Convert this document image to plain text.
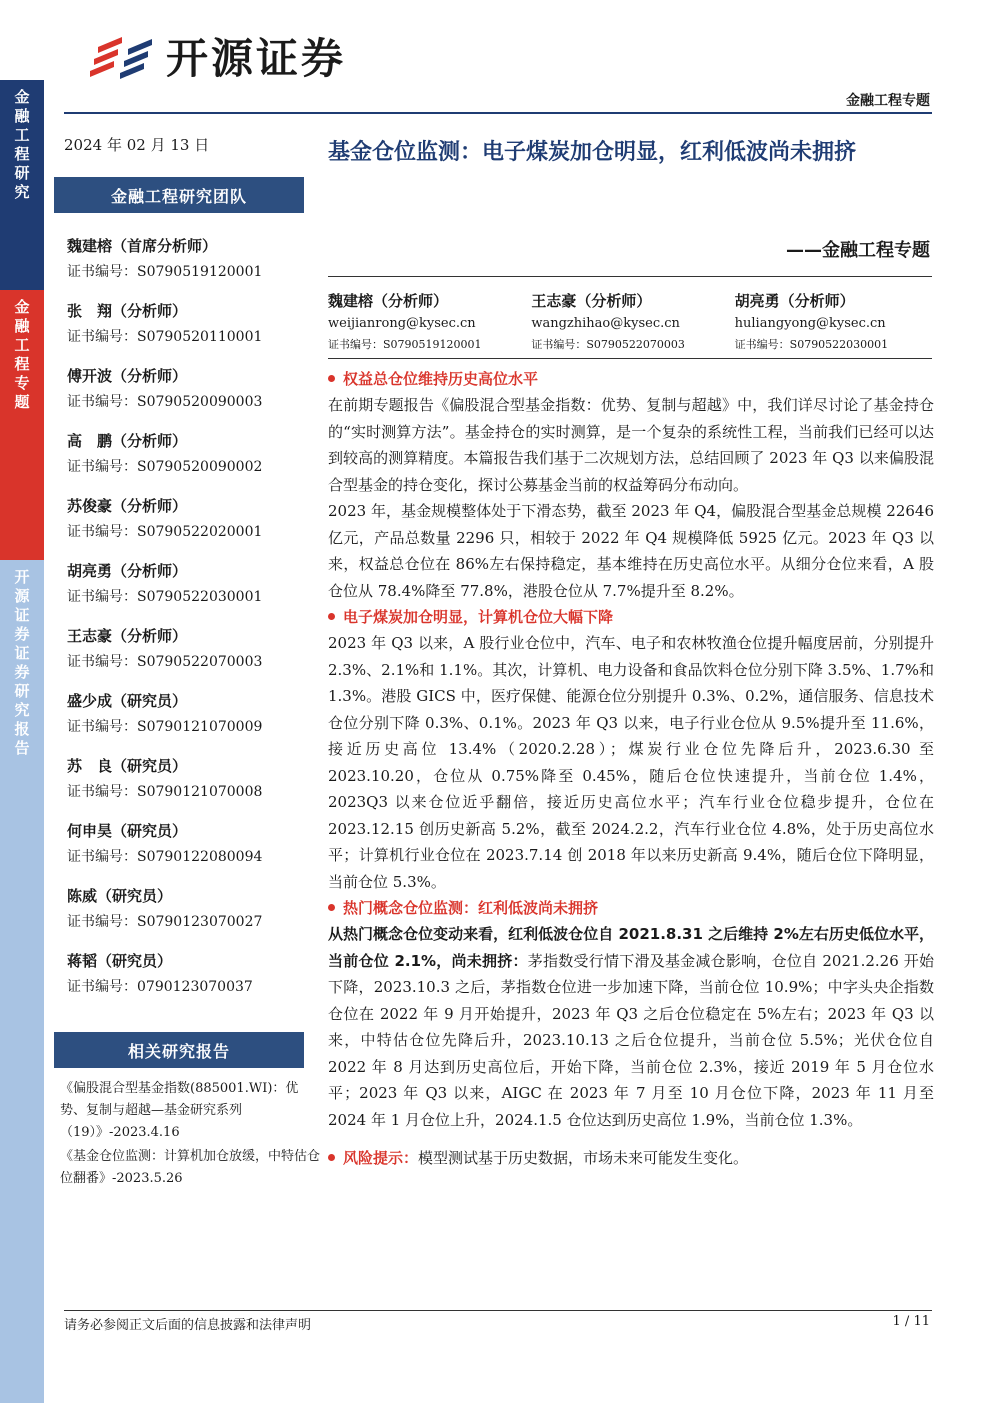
金融工程研究
金融工程专题
开源证券 证券研究报告
开源证券
金融工程专题
2024 年 02 月 13 日
金融工程研究团队
魏建榕（首席分析师）
证书编号：S0790519120001
张　翔（分析师）
证书编号：S0790520110001
傅开波（分析师）
证书编号：S0790520090003
高　鹏（分析师）
证书编号：S0790520090002
苏俊豪（分析师）
证书编号：S0790522020001
胡亮勇（分析师）
证书编号：S0790522030001
王志豪（分析师）
证书编号：S0790522070003
盛少成（研究员）
证书编号：S0790121070009
苏　良（研究员）
证书编号：S0790121070008
何申昊（研究员）
证书编号：S0790122080094
陈威（研究员）
证书编号：S0790123070027
蒋韬（研究员）
证书编号：0790123070037
相关研究报告

《偏股混合型基金指数(885001.WI)：优势、复制与超越—基金研究系列（19）》-2023.4.16

《基金仓位监测：计算机加仓放缓，中特估仓位翻番》-2023.5.26

基金仓位监测：电子煤炭加仓明显，红利低波尚未拥挤
——金融工程专题
魏建榕（分析师）
weijianrong@kysec.cn
证书编号：S0790519120001
王志豪（分析师）
wangzhihao@kysec.cn
证书编号：S0790522070003
胡亮勇（分析师）
huliangyong@kysec.cn
证书编号：S0790522030001
权益总仓位维持历史高位水平

在前期专题报告《偏股混合型基金指数：优势、复制与超越》中，我们详尽讨论了基金持仓的“实时测算方法”。基金持仓的实时测算，是一个复杂的系统性工程，当前我们已经可以达到较高的测算精度。本篇报告我们基于二次规划方法，总结回顾了 2023 年 Q3 以来偏股混合型基金的持仓变化，探讨公募基金当前的权益筹码分布动向。

2023 年，基金规模整体处于下滑态势，截至 2023 年 Q4，偏股混合型基金总规模 22646 亿元，产品总数量 2296 只，相较于 2022 年 Q4 规模降低 5925 亿元。2023 年 Q3 以来，权益总仓位在 86%左右保持稳定，基本维持在历史高位水平。从细分仓位来看，A 股仓位从 78.4%降至 77.8%，港股仓位从 7.7%提升至 8.2%。

电子煤炭加仓明显，计算机仓位大幅下降

2023 年 Q3 以来，A 股行业仓位中，汽车、电子和农林牧渔仓位提升幅度居前，分别提升 2.3%、2.1%和 1.1%。其次，计算机、电力设备和食品饮料仓位分别下降 3.5%、1.7%和 1.3%。港股 GICS 中，医疗保健、能源仓位分别提升 0.3%、0.2%，通信服务、信息技术仓位分别下降 0.3%、0.1%。2023 年 Q3 以来，电子行业仓位从 9.5%提升至 11.6%，接近历史高位 13.4%（2020.2.28）；煤炭行业仓位先降后升，2023.6.30 至 2023.10.20，仓位从 0.75%降至 0.45%，随后仓位快速提升，当前仓位 1.4%，2023Q3 以来仓位近乎翻倍，接近历史高位水平；汽车行业仓位稳步提升，仓位在 2023.12.15 创历史新高 5.2%，截至 2024.2.2，汽车行业仓位 4.8%，处于历史高位水平；计算机行业仓位在 2023.7.14 创 2018 年以来历史新高 9.4%，随后仓位下降明显，当前仓位 5.3%。

热门概念仓位监测：红利低波尚未拥挤

从热门概念仓位变动来看，红利低波仓位自 2021.8.31 之后维持 2%左右历史低位水平，当前仓位 2.1%，尚未拥挤：茅指数受行情下滑及基金减仓影响，仓位自 2021.2.26 开始下降，2023.10.3 之后，茅指数仓位进一步加速下降，当前仓位 10.9%；中字头央企指数仓位在 2022 年 9 月开始提升，2023 年 Q3 之后仓位稳定在 5%左右；2023 年 Q3 以来，中特估仓位先降后升，2023.10.13 之后仓位提升，当前仓位 5.5%；光伏仓位自 2022 年 8 月达到历史高位后，开始下降，当前仓位 2.3%，接近 2019 年 5 月仓位水平；2023 年 Q3 以来，AIGC 在 2023 年 7 月至 10 月仓位下降，2023 年 11 月至 2024 年 1 月仓位上升，2024.1.5 仓位达到历史高位 1.9%，当前仓位 1.3%。

风险提示：模型测试基于历史数据，市场未来可能发生变化。
请务必参阅正文后面的信息披露和法律声明	1 / 11
